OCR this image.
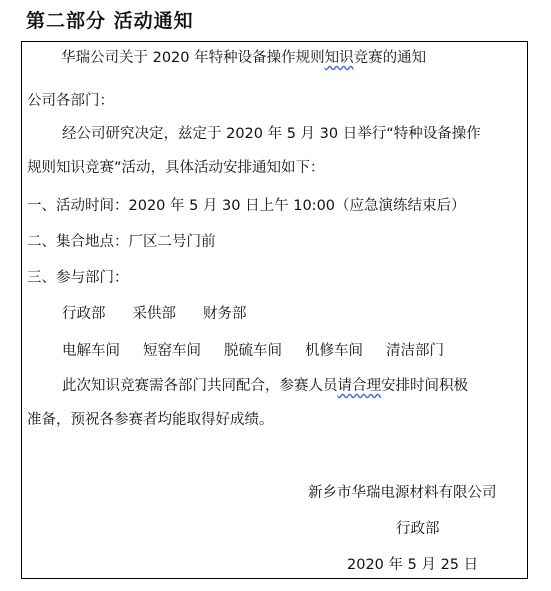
第二部分 活动通知
华瑞公司关于 2020 年特种设备操作规则知识竞赛的通知
公司各部门：
经公司研究决定，兹定于 2020 年 5 月 30 日举行“特种设备操作
规则知识竞赛”活动，具体活动安排通知如下：
一、活动时间：2020 年 5 月 30 日上午 10:00（应急演练结束后）
二、集合地点：厂区二号门前
三、参与部门：
行政部 采供部 财务部
电解车间 短窑车间 脱硫车间 机修车间 清洁部门
此次知识竞赛需各部门共同配合，参赛人员请合理安排时间积极
准备，预祝各参赛者均能取得好成绩。
新乡市华瑞电源材料有限公司
行政部
2020 年 5 月 25 日
